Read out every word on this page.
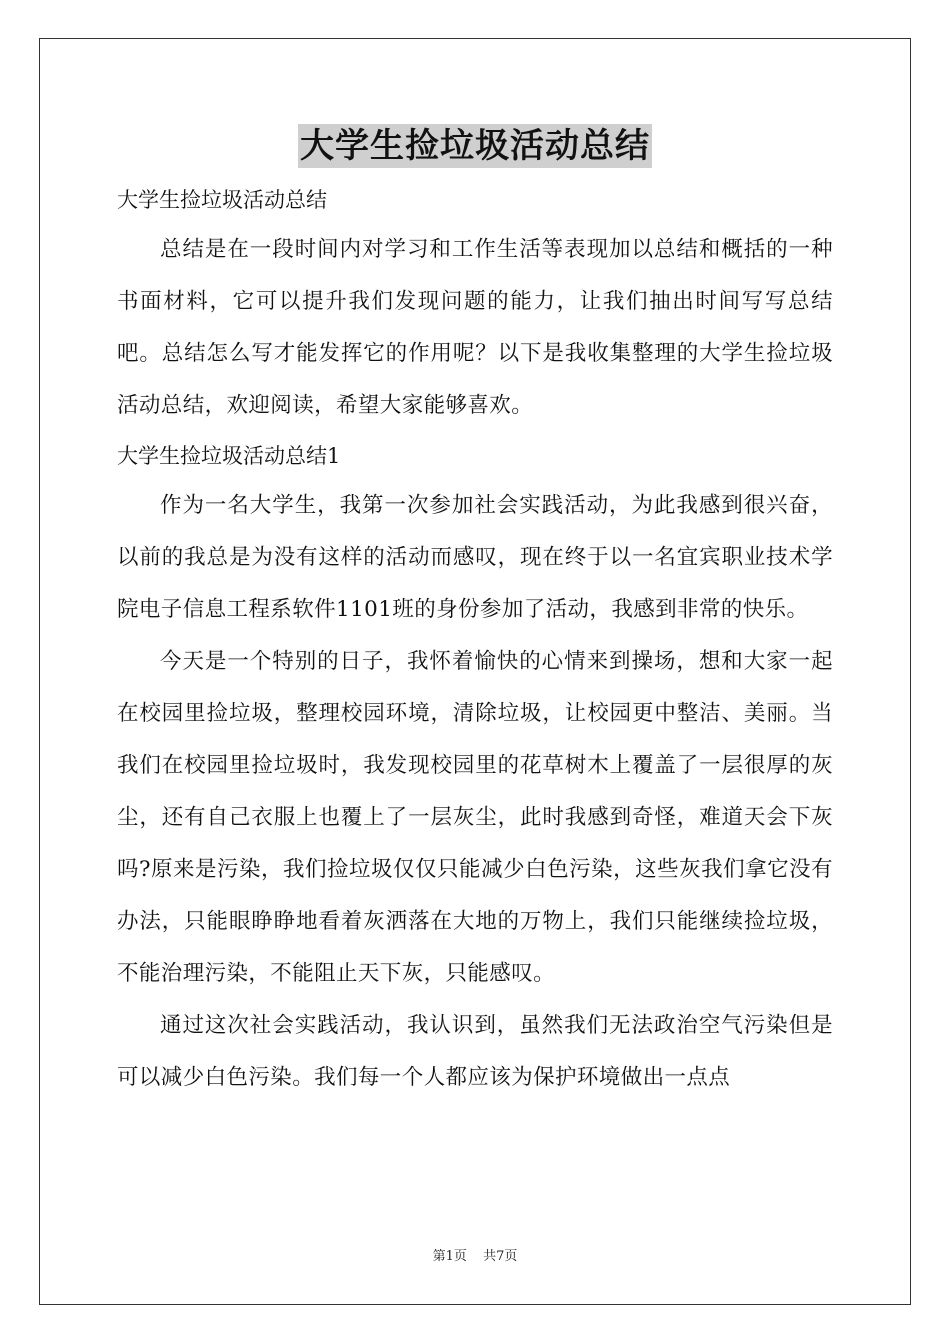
大学生捡垃圾活动总结
大学生捡垃圾活动总结

总结是在一段时间内对学习和工作生活等表现加以总结和概括的一种书面材料，它可以提升我们发现问题的能力，让我们抽出时间写写总结吧。总结怎么写才能发挥它的作用呢？以下是我收集整理的大学生捡垃圾活动总结，欢迎阅读，希望大家能够喜欢。

大学生捡垃圾活动总结1

作为一名大学生，我第一次参加社会实践活动，为此我感到很兴奋，以前的我总是为没有这样的活动而感叹，现在终于以一名宜宾职业技术学院电子信息工程系软件1101班的身份参加了活动，我感到非常的快乐。

今天是一个特别的日子，我怀着愉快的心情来到操场，想和大家一起在校园里捡垃圾，整理校园环境，清除垃圾，让校园更中整洁、美丽。当我们在校园里捡垃圾时，我发现校园里的花草树木上覆盖了一层很厚的灰尘，还有自己衣服上也覆上了一层灰尘，此时我感到奇怪，难道天会下灰吗?原来是污染，我们捡垃圾仅仅只能减少白色污染，这些灰我们拿它没有办法，只能眼睁睁地看着灰洒落在大地的万物上，我们只能继续捡垃圾，不能治理污染，不能阻止天下灰，只能感叹。

通过这次社会实践活动，我认识到，虽然我们无法政治空气污染但是可以减少白色污染。我们每一个人都应该为保护环境做出一点点

第1页 共7页
